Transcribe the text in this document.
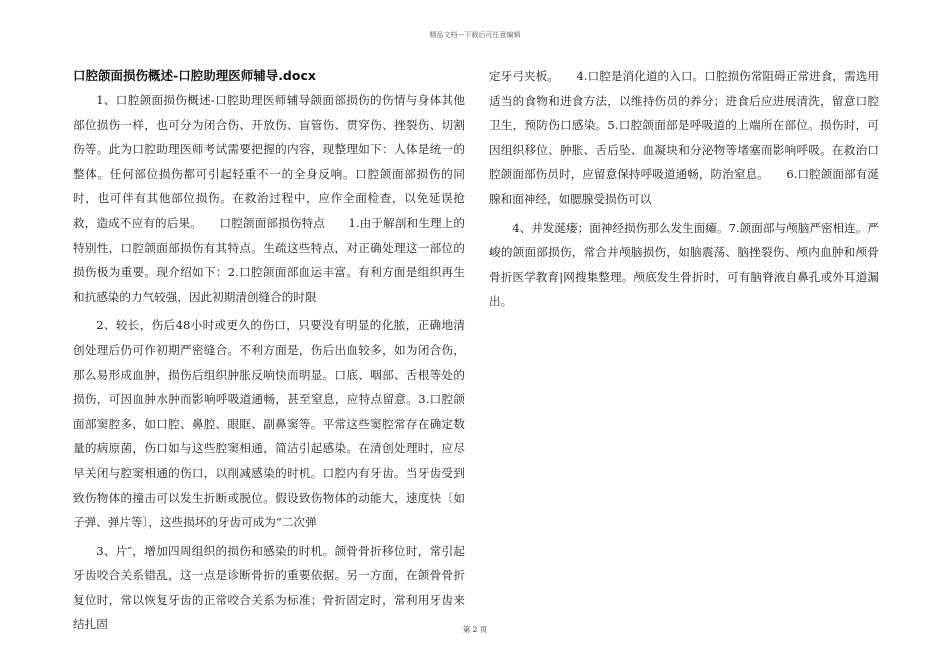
精品文档---下载后可任意编辑
口腔颌面损伤概述-口腔助理医师辅导.docx

1、口腔颌面损伤概述-口腔助理医师辅导颌面部损伤的伤情与身体其他部位损伤一样，也可分为闭合伤、开放伤、盲管伤、贯穿伤、挫裂伤、切割伤等。此为口腔助理医师考试需要把握的内容，现整理如下：人体是统一的整体。任何部位损伤都可引起轻重不一的全身反响。口腔颌面部损伤的同时，也可伴有其他部位损伤。在救治过程中，应作全面检查，以免延误抢救，造成不应有的后果。　　口腔颌面部损伤特点　　1.由于解剖和生理上的特别性，口腔颌面部损伤有其特点。生疏这些特点，对正确处理这一部位的损伤极为重要。现介绍如下：2.口腔颌面部血运丰富。有利方面是组织再生和抗感染的力气较强，因此初期清创缝合的时限

2、较长，伤后48小时或更久的伤口，只要没有明显的化脓，正确地清创处理后仍可作初期严密缝合。不利方面是，伤后出血较多，如为闭合伤，那么易形成血肿，损伤后组织肿胀反响快而明显。口底、咽部、舌根等处的损伤，可因血肿水肿而影响呼吸道通畅，甚至窒息，应特点留意。3.口腔颌面部窦腔多，如口腔、鼻腔、眼眶、副鼻窦等。平常这些窦腔常存在确定数量的病原菌，伤口如与这些腔窦相通，简洁引起感染。在清创处理时，应尽早关闭与腔窦相通的伤口，以削减感染的时机。口腔内有牙齿。当牙齿受到致伤物体的撞击可以发生折断或脱位。假设致伤物体的动能大，速度快〔如子弹、弹片等〕，这些损坏的牙齿可成为“二次弹

3、片″，增加四周组织的损伤和感染的时机。颌骨骨折移位时，常引起牙齿咬合关系错乱，这一点是诊断骨折的重要依据。另一方面，在颌骨骨折复位时，常以恢复牙齿的正常咬合关系为标准；骨折固定时，常利用牙齿来结扎固

定牙弓夹板。　　4.口腔是消化道的入口。口腔损伤常阻碍正常进食，需选用适当的食物和进食方法，以维持伤员的养分；进食后应进展清洗，留意口腔卫生，预防伤口感染。5.口腔颌面部是呼吸道的上端所在部位。损伤时，可因组织移位、肿胀、舌后坠、血凝块和分泌物等堵塞而影响呼吸。在救治口腔颌面部伤员时，应留意保持呼吸道通畅，防治窒息。　　6.口腔颌面部有涎腺和面神经，如腮腺受损伤可以

4、并发涎瘘；面神经损伤那么发生面瘫。7.颌面部与颅脑严密相连。严峻的颌面部损伤，常合并颅脑损伤，如脑震荡、脑挫裂伤、颅内血肿和颅骨骨折医学教育|网搜集整理。颅底发生骨折时，可有脑脊液自鼻孔或外耳道漏出。

第 2 页
